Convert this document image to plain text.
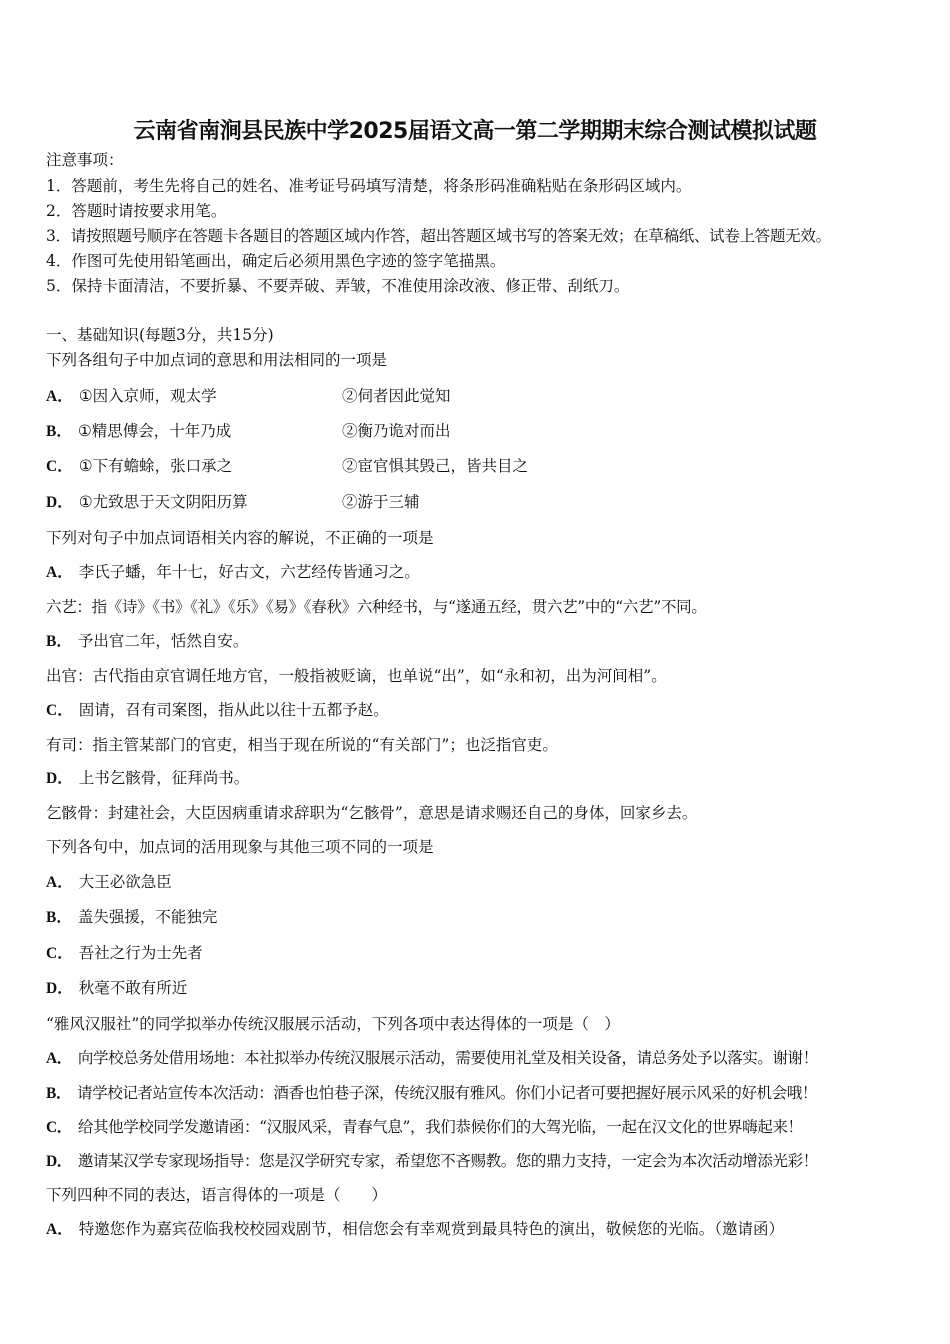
云南省南涧县民族中学2025届语文高一第二学期期末综合测试模拟试题
注意事项：
1．答题前，考生先将自己的姓名、准考证号码填写清楚，将条形码准确粘贴在条形码区域内。
2．答题时请按要求用笔。
3．请按照题号顺序在答题卡各题目的答题区域内作答，超出答题区域书写的答案无效；在草稿纸、试卷上答题无效。
4．作图可先使用铅笔画出，确定后必须用黑色字迹的签字笔描黑。
5．保持卡面清洁，不要折暴、不要弄破、弄皱，不准使用涂改液、修正带、刮纸刀。
一、基础知识(每题3分，共15分)
下列各组句子中加点词的意思和用法相同的一项是
A． ①因入京师，观太学	②伺者因此觉知
B． ①精思傅会，十年乃成	②衡乃诡对而出
C． ①下有蟾蜍，张口承之	②宦官惧其毁己，皆共目之
D． ①尤致思于天文阴阳历算	②游于三辅
下列对句子中加点词语相关内容的解说，不正确的一项是
A． 李氏子蟠，年十七，好古文，六艺经传皆通习之。
六艺：指《诗》《书》《礼》《乐》《易》《春秋》六种经书，与“遂通五经，贯六艺”中的“六艺”不同。
B． 予出官二年，恬然自安。
出官：古代指由京官调任地方官，一般指被贬谪，也单说“出”，如“永和初，出为河间相”。
C． 固请，召有司案图，指从此以往十五都予赵。
有司：指主管某部门的官吏，相当于现在所说的“有关部门”；也泛指官吏。
D． 上书乞骸骨，征拜尚书。
乞骸骨：封建社会，大臣因病重请求辞职为“乞骸骨”，意思是请求赐还自己的身体，回家乡去。
下列各句中，加点词的活用现象与其他三项不同的一项是
A． 大王必欲急臣
B． 盖失强援，不能独完
C． 吾社之行为士先者
D． 秋毫不敢有所近
“雅风汉服社”的同学拟举办传统汉服展示活动，下列各项中表达得体的一项是（　）
A． 向学校总务处借用场地：本社拟举办传统汉服展示活动，需要使用礼堂及相关设备，请总务处予以落实。谢谢！
B． 请学校记者站宣传本次活动：酒香也怕巷子深，传统汉服有雅风。你们小记者可要把握好展示风采的好机会哦！
C． 给其他学校同学发邀请函：“汉服风采，青春气息”，我们恭候你们的大驾光临，一起在汉文化的世界嗨起来！
D． 邀请某汉学专家现场指导：您是汉学研究专家，希望您不吝赐教。您的鼎力支持，一定会为本次活动增添光彩！
下列四种不同的表达，语言得体的一项是（　　）
A． 特邀您作为嘉宾莅临我校校园戏剧节，相信您会有幸观赏到最具特色的演出，敬候您的光临。（邀请函）
